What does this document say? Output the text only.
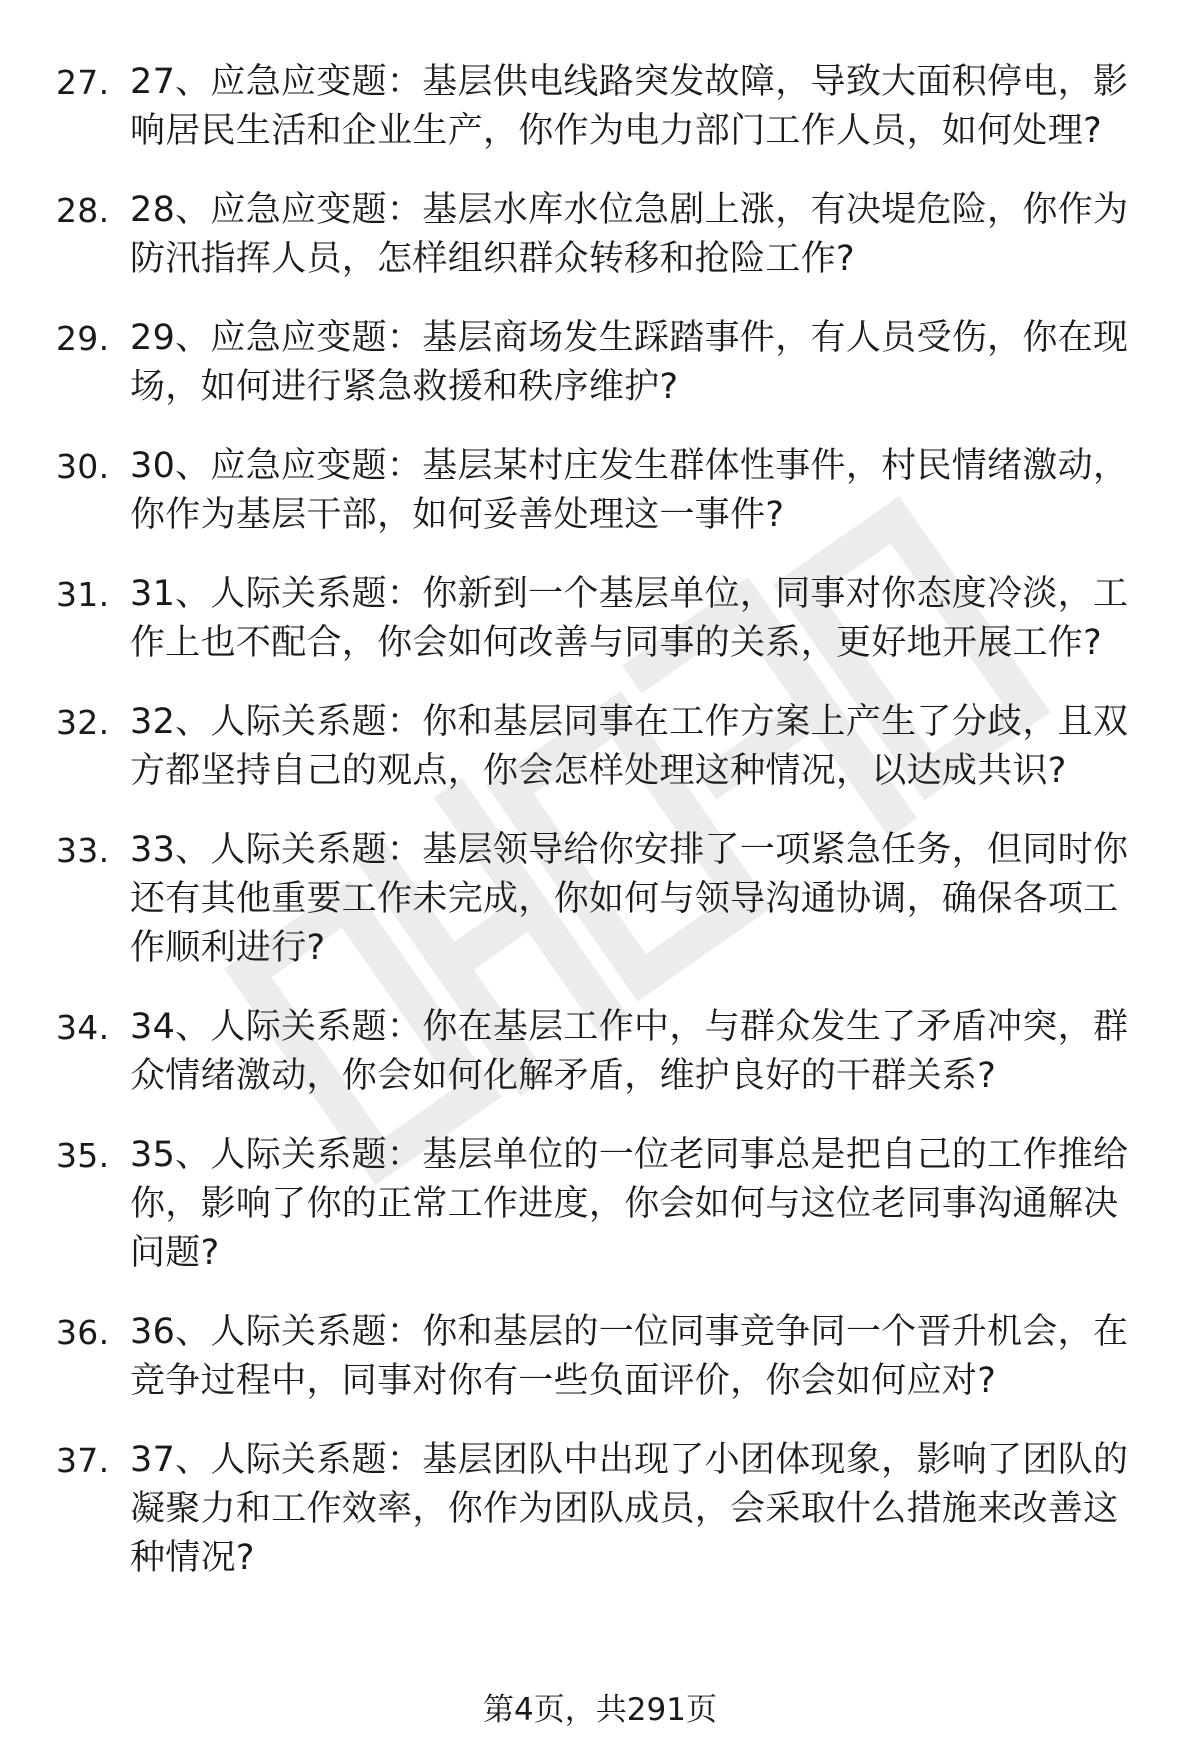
27. 27、应急应变题：基层供电线路突发故障，导致大面积停电，影响居民生活和企业生产，你作为电力部门工作人员，如何处理?
28. 28、应急应变题：基层水库水位急剧上涨，有决堤危险，你作为防汛指挥人员，怎样组织群众转移和抢险工作?
29. 29、应急应变题：基层商场发生踩踏事件，有人员受伤，你在现场，如何进行紧急救援和秩序维护?
30. 30、应急应变题：基层某村庄发生群体性事件，村民情绪激动，你作为基层干部，如何妥善处理这一事件?
31. 31、人际关系题：你新到一个基层单位，同事对你态度冷淡，工作上也不配合，你会如何改善与同事的关系，更好地开展工作?
32. 32、人际关系题：你和基层同事在工作方案上产生了分歧，且双方都坚持自己的观点，你会怎样处理这种情况，以达成共识?
33. 33、人际关系题：基层领导给你安排了一项紧急任务，但同时你还有其他重要工作未完成，你如何与领导沟通协调，确保各项工作顺利进行?
34. 34、人际关系题：你在基层工作中，与群众发生了矛盾冲突，群众情绪激动，你会如何化解矛盾，维护良好的干群关系?
35. 35、人际关系题：基层单位的一位老同事总是把自己的工作推给你，影响了你的正常工作进度，你会如何与这位老同事沟通解决问题?
36. 36、人际关系题：你和基层的一位同事竞争同一个晋升机会，在竞争过程中，同事对你有一些负面评价，你会如何应对?
37. 37、人际关系题：基层团队中出现了小团体现象，影响了团队的凝聚力和工作效率，你作为团队成员，会采取什么措施来改善这种情况?
第4页，共291页
